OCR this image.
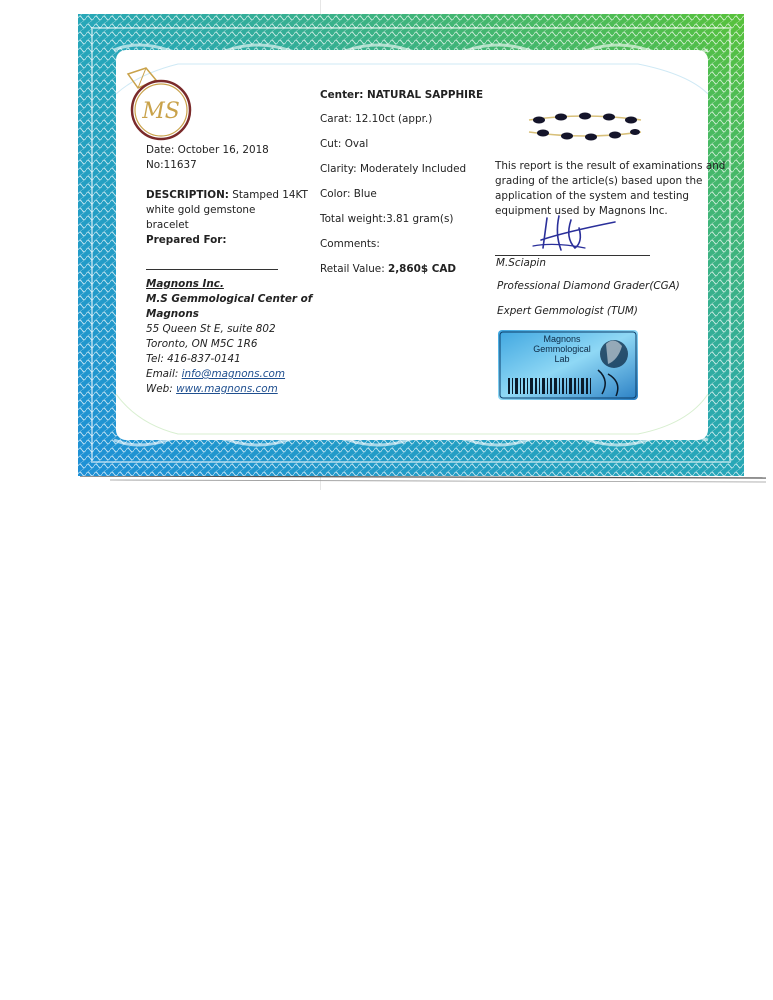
MS
Date: October 16, 2018
No:11637
DESCRIPTION: Stamped 14KT
white gold gemstone
bracelet
Prepared For:
Magnons Inc.
M.S Gemmological Center of
Magnons
55 Queen St E, suite 802
Toronto, ON M5C 1R6
Tel: 416-837-0141
Email: info@magnons.com
Web: www.magnons.com
Center: NATURAL SAPPHIRE
Carat: 12.10ct (appr.)
Cut: Oval
Clarity: Moderately Included
Color: Blue
Total weight:3.81 gram(s)
Comments:
Retail Value: 2,860$ CAD
This report is the result of examinations and
grading of the article(s) based upon the
application of the system and testing
equipment used by Magnons Inc.
M.Sciapin
Professional Diamond Grader(CGA)
Expert Gemmologist (TUM)
Magnons
Gemmological
Lab
